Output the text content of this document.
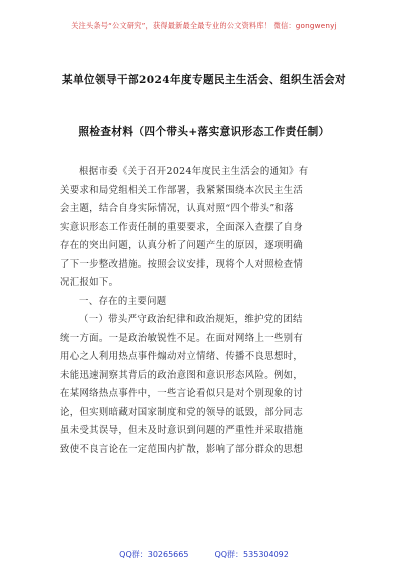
关注头条号“公文研究”，获得最新最全最专业的公文资料库！ 微信：gongwenyj
某单位领导干部2024年度专题民主生活会、组织生活会对
照检查材料（四个带头+落实意识形态工作责任制）
根据市委《关于召开2024年度民主生活会的通知》有
关要求和局党组相关工作部署，我紧紧围绕本次民主生活
会主题，结合自身实际情况，认真对照“四个带头”和落
实意识形态工作责任制的重要要求，全面深入查摆了自身
存在的突出问题，认真分析了问题产生的原因，逐项明确
了下一步整改措施。按照会议安排，现将个人对照检查情
况汇报如下。
一、存在的主要问题
（一）带头严守政治纪律和政治规矩，维护党的团结
统一方面。一是政治敏锐性不足。在面对网络上一些别有
用心之人利用热点事件煽动对立情绪、传播不良思想时，
未能迅速洞察其背后的政治意图和意识形态风险。例如，
在某网络热点事件中，一些言论看似只是对个别现象的讨
论，但实则暗藏对国家制度和党的领导的诋毁，部分同志
虽未受其误导，但未及时意识到问题的严重性并采取措施
致使不良言论在一定范围内扩散，影响了部分群众的思想
QQ群：30265665	QQ群：535304092
